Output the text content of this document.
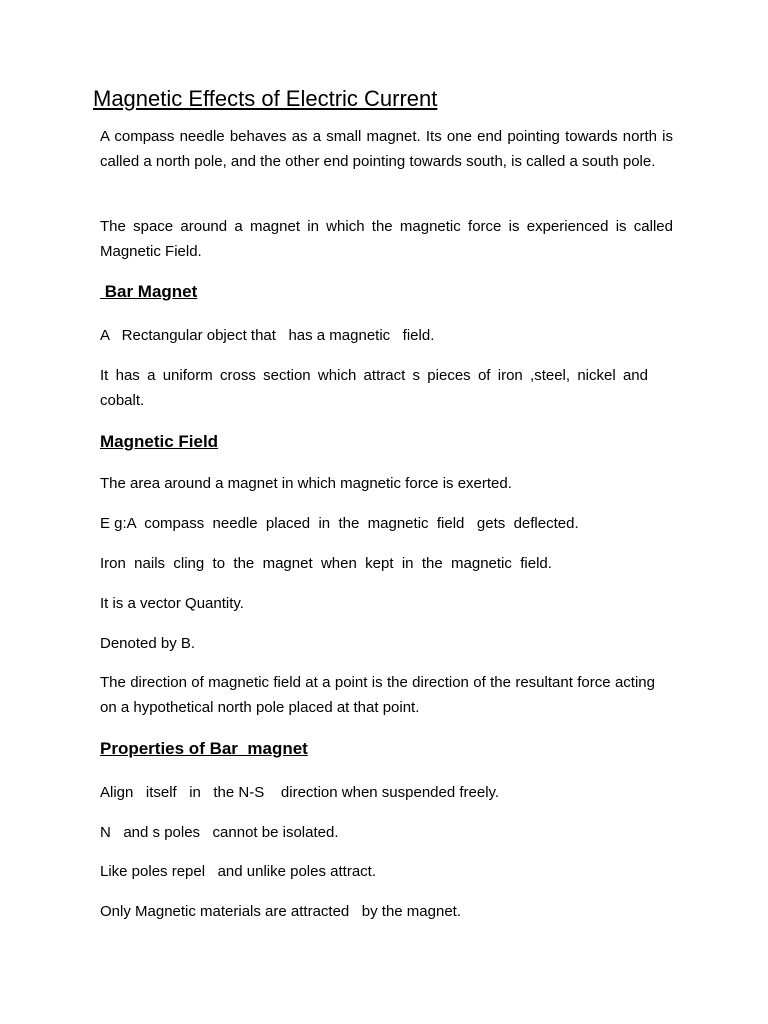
Magnetic Effects of Electric Current

A compass needle behaves as a small magnet. Its one end pointing towards north is called a north pole, and the other end pointing towards south, is called a south pole.

The space around a magnet in which the magnetic force is experienced is called Magnetic Field.

Bar Magnet

A   Rectangular object that   has a magnetic   field.

It has a uniform cross section which attract s pieces of iron ,steel, nickel and cobalt.

Magnetic Field

The area around a magnet in which magnetic force is exerted.

E g:A  compass  needle  placed  in  the  magnetic  field   gets  deflected.

Iron  nails  cling  to  the  magnet  when  kept  in  the  magnetic  field.

It is a vector Quantity.

Denoted by B.

The direction of magnetic field at a point is the direction of the resultant force acting on a hypothetical north pole placed at that point.

Properties of Bar  magnet

Align   itself   in   the N-S    direction when suspended freely.

N   and s poles   cannot be isolated.

Like poles repel   and unlike poles attract.

Only Magnetic materials are attracted   by the magnet.
